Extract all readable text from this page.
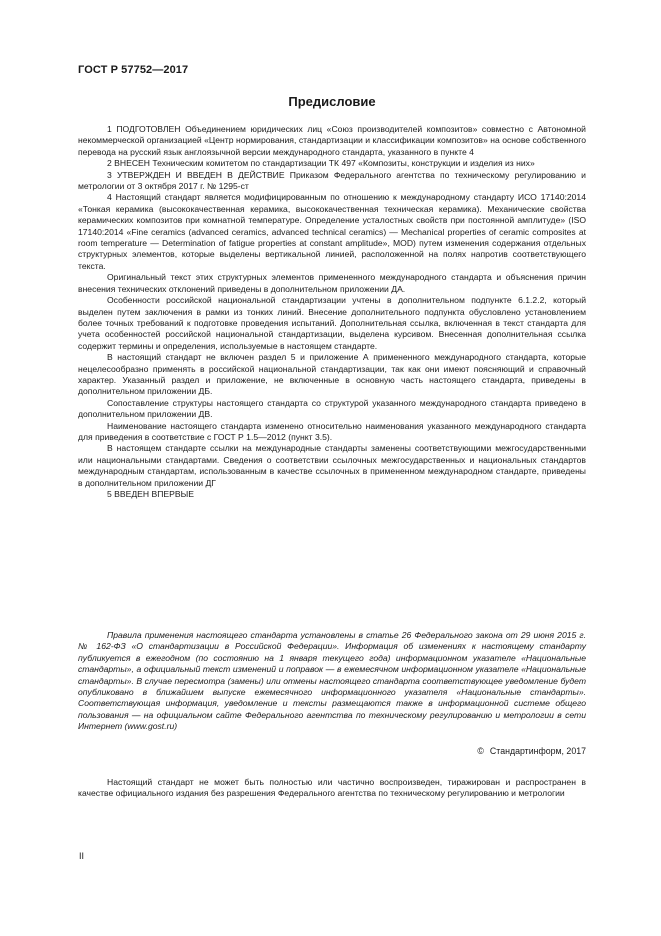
ГОСТ Р 57752—2017
Предисловие

1 ПОДГОТОВЛЕН Объединением юридических лиц «Союз производителей композитов» совместно с Автономной некоммерческой организацией «Центр нормирования, стандартизации и классификации композитов» на основе собственного перевода на русский язык англоязычной версии международного стандарта, указанного в пункте 4

2 ВНЕСЕН Техническим комитетом по стандартизации ТК 497 «Композиты, конструкции и изделия из них»

3 УТВЕРЖДЕН И ВВЕДЕН В ДЕЙСТВИЕ Приказом Федерального агентства по техническому регулированию и метрологии от 3 октября 2017 г. № 1295-ст

4 Настоящий стандарт является модифицированным по отношению к международному стандарту ИСО 17140:2014 «Тонкая керамика (высококачественная керамика, высококачественная техническая керамика). Механические свойства керамических композитов при комнатной температуре. Определение усталостных свойств при постоянной амплитуде» (ISO 17140:2014 «Fine ceramics (advanced ceramics, advanced technical ceramics) — Mechanical properties of ceramic composites at room temperature — Determination of fatigue properties at constant amplitude», MOD) путем изменения содержания отдельных структурных элементов, которые выделены вертикальной линией, расположенной на полях напротив соответствующего текста.

Оригинальный текст этих структурных элементов примененного международного стандарта и объяснения причин внесения технических отклонений приведены в дополнительном приложении ДА.

Особенности российской национальной стандартизации учтены в дополнительном подпункте 6.1.2.2, который выделен путем заключения в рамки из тонких линий. Внесение дополнительного подпункта обусловлено установлением более точных требований к подготовке проведения испытаний. Дополнительная ссылка, включенная в текст стандарта для учета особенностей российской национальной стандартизации, выделена курсивом. Внесенная дополнительная ссылка содержит термины и определения, используемые в настоящем стандарте.

В настоящий стандарт не включен раздел 5 и приложение А примененного международного стандарта, которые нецелесообразно применять в российской национальной стандартизации, так как они имеют поясняющий и справочный характер. Указанный раздел и приложение, не включенные в основную часть настоящего стандарта, приведены в дополнительном приложении ДБ.

Сопоставление структуры настоящего стандарта со структурой указанного международного стандарта приведено в дополнительном приложении ДВ.

Наименование настоящего стандарта изменено относительно наименования указанного международного стандарта для приведения в соответствие с ГОСТ Р 1.5—2012 (пункт 3.5).

В настоящем стандарте ссылки на международные стандарты заменены соответствующими межгосударственными или национальными стандартами. Сведения о соответствии ссылочных межгосударственных и национальных стандартов международным стандартам, использованным в качестве ссылочных в примененном международном стандарте, приведены в дополнительном приложении ДГ

5 ВВЕДЕН ВПЕРВЫЕ

Правила применения настоящего стандарта установлены в статье 26 Федерального закона от 29 июня 2015 г. № 162-ФЗ «О стандартизации в Российской Федерации». Информация об изменениях к настоящему стандарту публикуется в ежегодном (по состоянию на 1 января текущего года) информационном указателе «Национальные стандарты», а официальный текст изменений и поправок — в ежемесячном информационном указателе «Национальные стандарты». В случае пересмотра (замены) или отмены настоящего стандарта соответствующее уведомление будет опубликовано в ближайшем выпуске ежемесячного информационного указателя «Национальные стандарты». Соответствующая информация, уведомление и тексты размещаются также в информационной системе общего пользования — на официальном сайте Федерального агентства по техническому регулированию и метрологии в сети Интернет (www.gost.ru)

© Стандартинформ, 2017

Настоящий стандарт не может быть полностью или частично воспроизведен, тиражирован и распространен в качестве официального издания без разрешения Федерального агентства по техническому регулированию и метрологии

II
